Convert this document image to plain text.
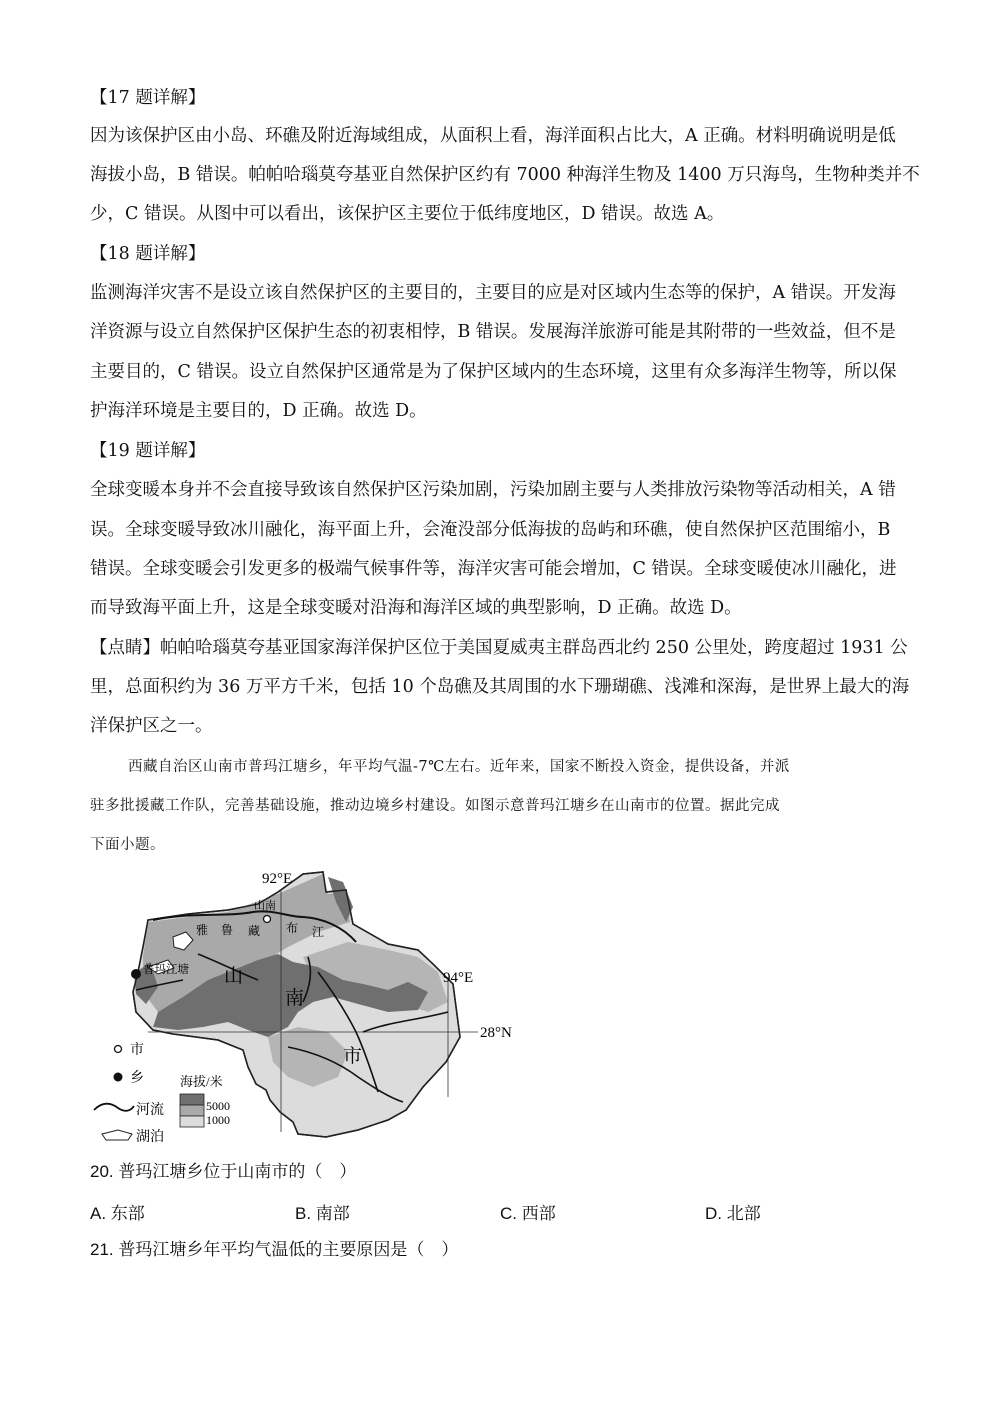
【17 题详解】
因为该保护区由小岛、环礁及附近海域组成，从面积上看，海洋面积占比大，A 正确。材料明确说明是低
海拔小岛，B 错误。帕帕哈瑙莫夸基亚自然保护区约有 7000 种海洋生物及 1400 万只海鸟，生物种类并不
少，C 错误。从图中可以看出，该保护区主要位于低纬度地区，D 错误。故选 A。
【18 题详解】
监测海洋灾害不是设立该自然保护区的主要目的，主要目的应是对区域内生态等的保护，A 错误。开发海
洋资源与设立自然保护区保护生态的初衷相悖，B 错误。发展海洋旅游可能是其附带的一些效益，但不是
主要目的，C 错误。设立自然保护区通常是为了保护区域内的生态环境，这里有众多海洋生物等，所以保
护海洋环境是主要目的，D 正确。故选 D。
【19 题详解】
全球变暖本身并不会直接导致该自然保护区污染加剧，污染加剧主要与人类排放污染物等活动相关，A 错
误。全球变暖导致冰川融化，海平面上升，会淹没部分低海拔的岛屿和环礁，使自然保护区范围缩小，B
错误。全球变暖会引发更多的极端气候事件等，海洋灾害可能会增加，C 错误。全球变暖使冰川融化，进
而导致海平面上升，这是全球变暖对沿海和海洋区域的典型影响，D 正确。故选 D。
【点睛】帕帕哈瑙莫夸基亚国家海洋保护区位于美国夏威夷主群岛西北约 250 公里处，跨度超过 1931 公
里，总面积约为 36 万平方千米，包括 10 个岛礁及其周围的水下珊瑚礁、浅滩和深海，是世界上最大的海
洋保护区之一。
西藏自治区山南市普玛江塘乡，年平均气温-7℃左右。近年来，国家不断投入资金，提供设备，并派
驻多批援藏工作队，完善基础设施，推动边境乡村建设。如图示意普玛江塘乡在山南市的位置。据此完成
下面小题。
92°E
94°E
28°N
山南
雅 鲁 藏 布 江
普玛江塘 山
南
市
市
乡
河流
湖泊
海拔/米
5000
1000
20. 普玛江塘乡位于山南市的（　）
A. 东部	B. 南部	C. 西部	D. 北部
21. 普玛江塘乡年平均气温低的主要原因是（　）
